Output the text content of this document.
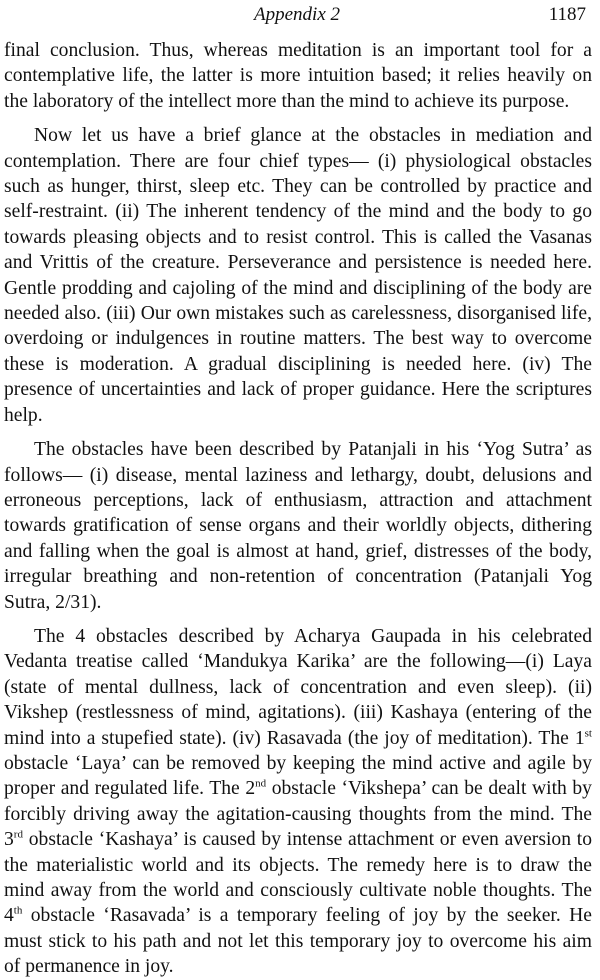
Appendix 2	1187

final conclusion. Thus, whereas meditation is an important tool for a contemplative life, the latter is more intuition based; it relies heavily on the laboratory of the intellect more than the mind to achieve its purpose.

Now let us have a brief glance at the obstacles in mediation and contemplation. There are four chief types— (i) physiological obstacles such as hunger, thirst, sleep etc. They can be controlled by practice and self-restraint. (ii) The inherent tendency of the mind and the body to go towards pleasing objects and to resist control. This is called the Vasanas and Vrittis of the creature. Perseverance and persistence is needed here. Gentle prodding and cajoling of the mind and disciplining of the body are needed also. (iii) Our own mistakes such as carelessness, disorganised life, overdoing or indulgences in routine matters. The best way to overcome these is moderation. A gradual disciplining is needed here. (iv) The presence of uncertainties and lack of proper guidance. Here the scriptures help.

The obstacles have been described by Patanjali in his ‘Yog Sutra’ as follows— (i) disease, mental laziness and lethargy, doubt, delusions and erroneous perceptions, lack of enthusiasm, attraction and attachment towards gratification of sense organs and their worldly objects, dithering and falling when the goal is almost at hand, grief, distresses of the body, irregular breathing and non-retention of concentration (Patanjali Yog Sutra, 2/31).

The 4 obstacles described by Acharya Gaupada in his celebrated Vedanta treatise called ‘Mandukya Karika’ are the following—(i) Laya (state of mental dullness, lack of concentration and even sleep). (ii) Vikshep (restlessness of mind, agitations). (iii) Kashaya (entering of the mind into a stupefied state). (iv) Rasavada (the joy of meditation). The 1st obstacle ‘Laya’ can be removed by keeping the mind active and agile by proper and regulated life. The 2nd obstacle ‘Vikshepa’ can be dealt with by forcibly driving away the agitation-causing thoughts from the mind. The 3rd obstacle ‘Kashaya’ is caused by intense attachment or even aversion to the materialistic world and its objects. The remedy here is to draw the mind away from the world and consciously cultivate noble thoughts. The 4th obstacle ‘Rasavada’ is a temporary feeling of joy by the seeker. He must stick to his path and not let this temporary joy to overcome his aim of permanence in joy.
